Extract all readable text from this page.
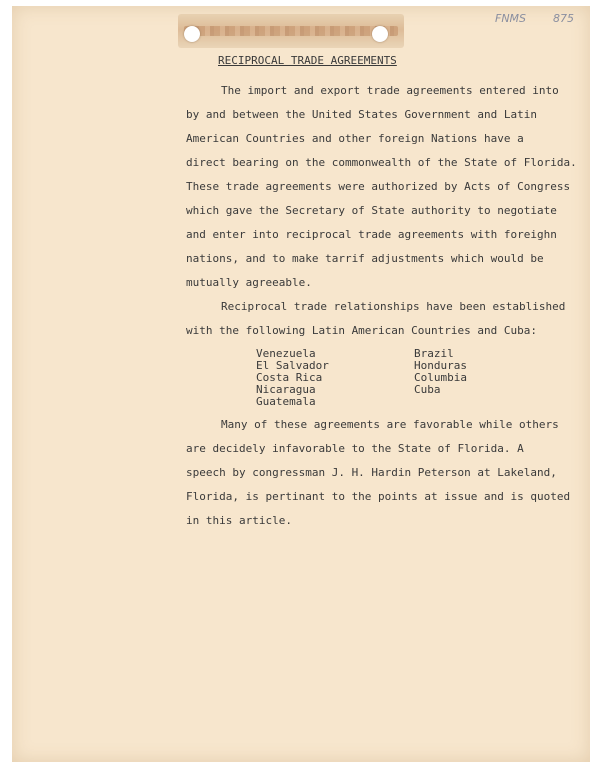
FNMS 875
RECIPROCAL TRADE AGREEMENTS
The import and export trade agreements entered into
by and between the United States Government and Latin
American Countries and other foreign Nations have a
direct bearing on the commonwealth of the State of Florida.
These trade agreements were authorized by Acts of Congress
which gave the Secretary of State authority to negotiate
and enter into reciprocal trade agreements with foreighn
nations, and to make tarrif adjustments which would be
mutually agreeable.
Reciprocal trade relationships have been established
with the following Latin American Countries and Cuba:
Venezuela
El Salvador
Costa Rica
Nicaragua
Guatemala
Brazil
Honduras
Columbia
Cuba
Many of these agreements are favorable while others
are decidely infavorable to the State of Florida. A
speech by congressman J. H. Hardin Peterson at Lakeland,
Florida, is pertinant to the points at issue and is quoted
in this article.
